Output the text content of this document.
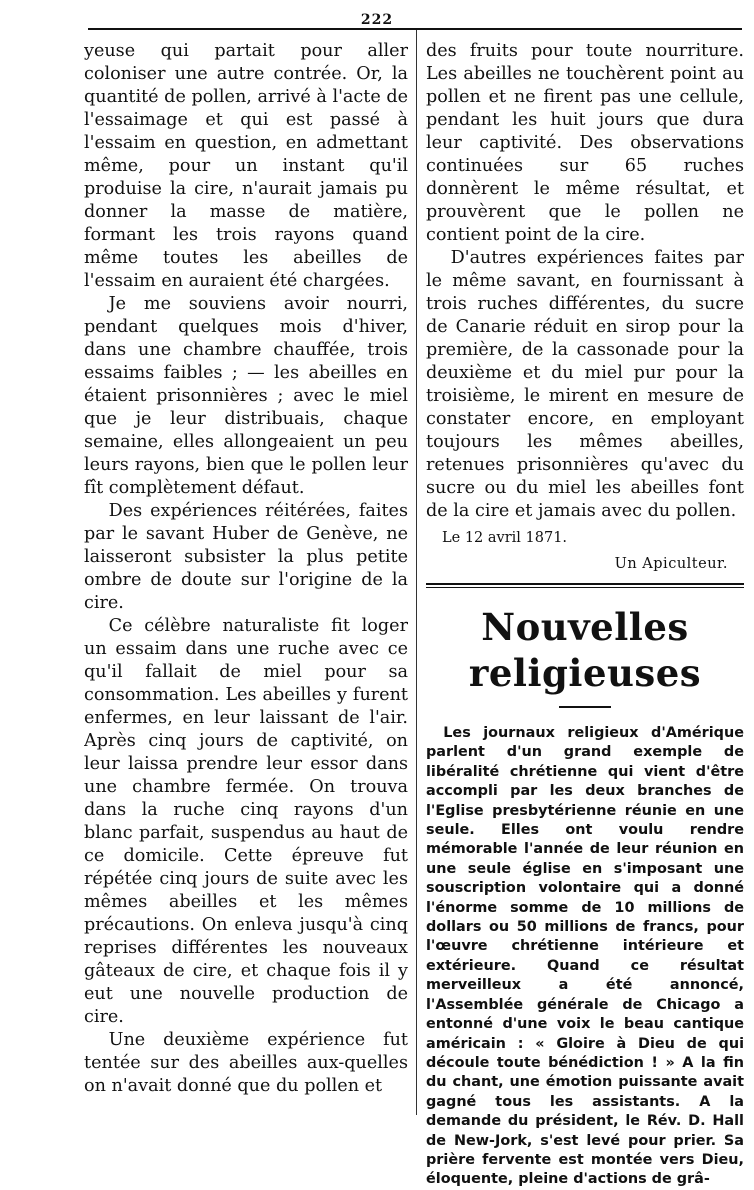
222

yeuse qui partait pour aller coloniser une autre contrée. Or, la quantité de pollen, arrivé à l'acte de l'essaimage et qui est passé à l'essaim en question, en admettant même, pour un instant qu'il produise la cire, n'aurait jamais pu donner la masse de matière, formant les trois rayons quand même toutes les abeilles de l'essaim en auraient été chargées.

Je me souviens avoir nourri, pendant quelques mois d'hiver, dans une chambre chauffée, trois essaims faibles ; — les abeilles en étaient prisonnières ; avec le miel que je leur distribuais, chaque semaine, elles allongeaient un peu leurs rayons, bien que le pollen leur fît complètement défaut.

Des expériences réitérées, faites par le savant Huber de Genève, ne laisseront subsister la plus petite ombre de doute sur l'origine de la cire.

Ce célèbre naturaliste fit loger un essaim dans une ruche avec ce qu'il fallait de miel pour sa consommation. Les abeilles y furent enfermes, en leur laissant de l'air. Après cinq jours de captivité, on leur laissa prendre leur essor dans une chambre fermée. On trouva dans la ruche cinq rayons d'un blanc parfait, suspendus au haut de ce domicile. Cette épreuve fut répétée cinq jours de suite avec les mêmes abeilles et les mêmes précautions. On enleva jusqu'à cinq reprises différentes les nouveaux gâteaux de cire, et chaque fois il y eut une nouvelle production de cire.

Une deuxième expérience fut tentée sur des abeilles aux-quelles on n'avait donné que du pollen et

des fruits pour toute nourriture. Les abeilles ne touchèrent point au pollen et ne firent pas une cellule, pendant les huit jours que dura leur captivité. Des observations continuées sur 65 ruches donnèrent le même résultat, et prouvèrent que le pollen ne contient point de la cire.

D'autres expériences faites par le même savant, en fournissant à trois ruches différentes, du sucre de Canarie réduit en sirop pour la première, de la cassonade pour la deuxième et du miel pur pour la troisième, le mirent en mesure de constater encore, en employant toujours les mêmes abeilles, retenues prisonnières qu'avec du sucre ou du miel les abeilles font de la cire et jamais avec du pollen.

Le 12 avril 1871.
Un Apiculteur.
Nouvelles religieuses

Les journaux religieux d'Amérique parlent d'un grand exemple de libéralité chrétienne qui vient d'être accompli par les deux branches de l'Eglise presbytérienne réunie en une seule. Elles ont voulu rendre mémorable l'année de leur réunion en une seule église en s'imposant une souscription volontaire qui a donné l'énorme somme de 10 millions de dollars ou 50 millions de francs, pour l'œuvre chrétienne intérieure et extérieure. Quand ce résultat merveilleux a été annoncé, l'Assemblée générale de Chicago a entonné d'une voix le beau cantique américain : « Gloire à Dieu de qui découle toute bénédiction ! » A la fin du chant, une émotion puissante avait gagné tous les assistants. A la demande du président, le Rév. D. Hall de New-Jork, s'est levé pour prier. Sa prière fervente est montée vers Dieu, éloquente, pleine d'actions de grâ-
